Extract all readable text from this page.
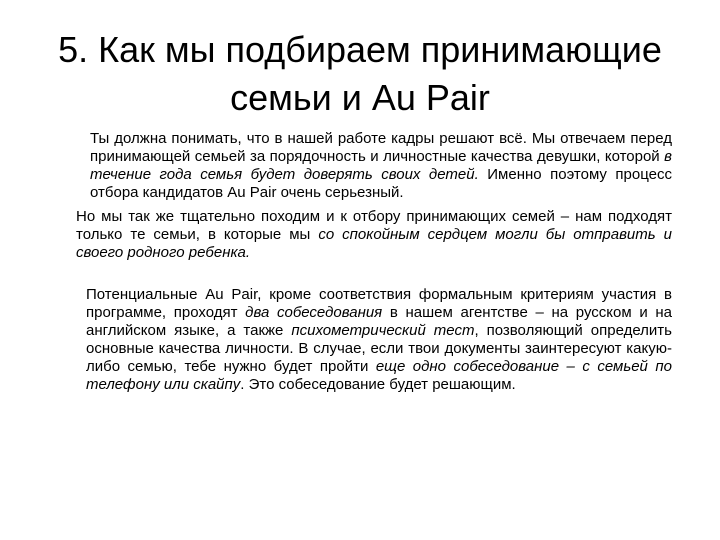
5. Как мы подбираем принимающие семьи и Au Pair

Ты должна понимать, что в нашей работе кадры решают всё. Мы отвечаем перед принимающей семьей за порядочность и личностные качества девушки, которой в течение года семья будет доверять своих детей. Именно поэтому процесс отбора кандидатов Au Pair очень серьезный.

Но мы так же тщательно походим и к отбору принимающих семей – нам подходят только те семьи, в которые мы со спокойным сердцем могли бы отправить и своего родного ребенка.

Потенциальные Au Pair, кроме соответствия формальным критериям участия в программе, проходят два собеседования в нашем агентстве – на русском и на английском языке, а также психометрический тест, позволяющий определить основные качества личности. В случае, если твои документы заинтересуют какую-либо семью, тебе нужно будет пройти еще одно собеседование – с семьей по телефону или скайпу. Это собеседование будет решающим.
